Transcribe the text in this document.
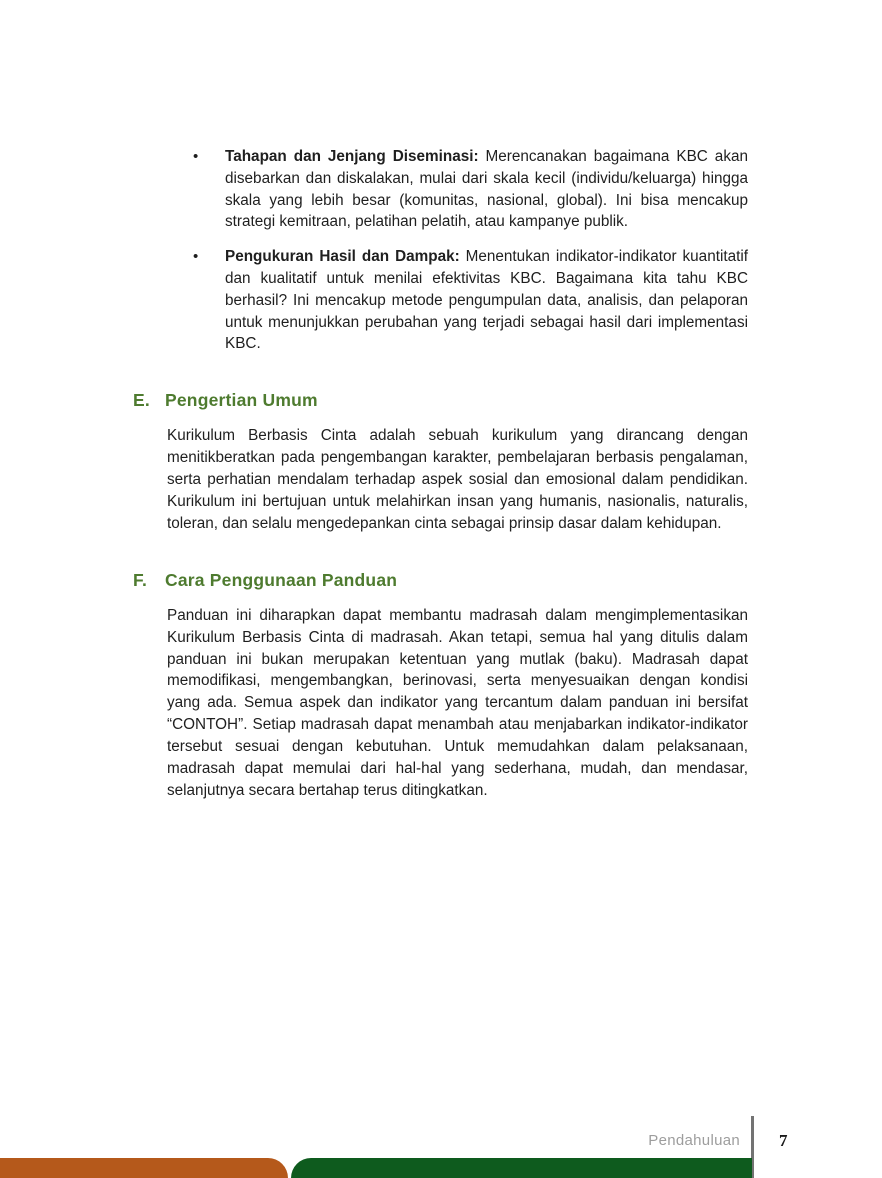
•	Tahapan dan Jenjang Diseminasi: Merencanakan bagaimana KBC akan disebarkan dan diskalakan, mulai dari skala kecil (individu/keluarga) hingga skala yang lebih besar (komunitas, nasional, global). Ini bisa mencakup strategi kemitraan, pelatihan pelatih, atau kampanye publik.
•	Pengukuran Hasil dan Dampak: Menentukan indikator-indikator kuantitatif dan kualitatif untuk menilai efektivitas KBC. Bagaimana kita tahu KBC berhasil? Ini mencakup metode pengumpulan data, analisis, dan pelaporan untuk menunjukkan perubahan yang terjadi sebagai hasil dari implementasi KBC.
E. Pengertian Umum

Kurikulum Berbasis Cinta adalah sebuah kurikulum yang dirancang dengan menitikberatkan pada pengembangan karakter, pembelajaran berbasis pengalaman, serta perhatian mendalam terhadap aspek sosial dan emosional dalam pendidikan. Kurikulum ini bertujuan untuk melahirkan insan yang humanis, nasionalis, naturalis, toleran, dan selalu mengedepankan cinta sebagai prinsip dasar dalam kehidupan.

F. Cara Penggunaan Panduan

Panduan ini diharapkan dapat membantu madrasah dalam mengimplementasikan Kurikulum Berbasis Cinta di madrasah. Akan tetapi, semua hal yang ditulis dalam panduan ini bukan merupakan ketentuan yang mutlak (baku). Madrasah dapat memodifikasi, mengembangkan, berinovasi, serta menyesuaikan dengan kondisi yang ada. Semua aspek dan indikator yang tercantum dalam panduan ini bersifat “CONTOH”. Setiap madrasah dapat menambah atau menjabarkan indikator-indikator tersebut sesuai dengan kebutuhan. Untuk memudahkan dalam pelaksanaan, madrasah dapat memulai dari hal-hal yang sederhana, mudah, dan mendasar, selanjutnya secara bertahap terus ditingkatkan.

Pendahuluan 7
